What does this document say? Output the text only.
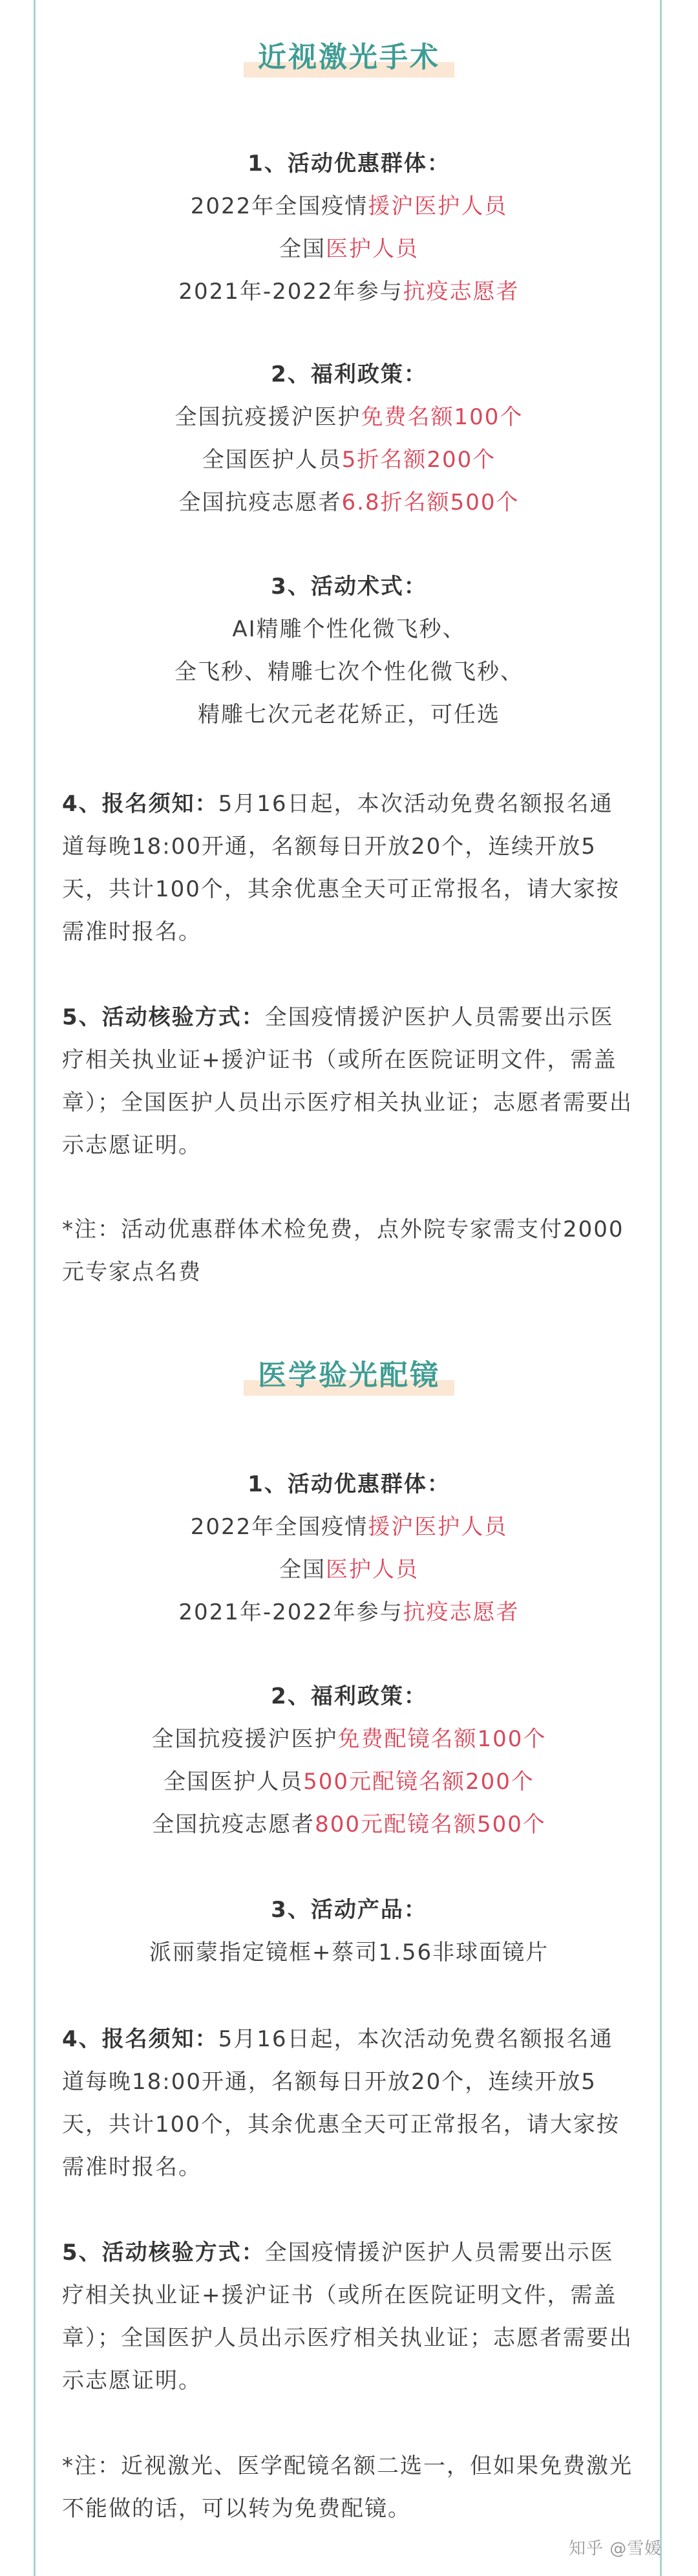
近视激光手术
1、活动优惠群体：
2022年全国疫情援沪医护人员
全国医护人员
2021年-2022年参与抗疫志愿者
2、福利政策：
全国抗疫援沪医护免费名额100个
全国医护人员5折名额200个
全国抗疫志愿者6.8折名额500个
3、活动术式：
AI精雕个性化微飞秒、
全飞秒、精雕七次个性化微飞秒、
精雕七次元老花矫正，可任选
4、报名须知：5月16日起，本次活动免费名额报名通道每晚18:00开通，名额每日开放20个，连续开放5天，共计100个，其余优惠全天可正常报名，请大家按需准时报名。
5、活动核验方式：全国疫情援沪医护人员需要出示医疗相关执业证+援沪证书（或所在医院证明文件，需盖章）；全国医护人员出示医疗相关执业证；志愿者需要出示志愿证明。
*注：活动优惠群体术检免费，点外院专家需支付2000元专家点名费
医学验光配镜
1、活动优惠群体：
2022年全国疫情援沪医护人员
全国医护人员
2021年-2022年参与抗疫志愿者
2、福利政策：
全国抗疫援沪医护免费配镜名额100个
全国医护人员500元配镜名额200个
全国抗疫志愿者800元配镜名额500个
3、活动产品：
派丽蒙指定镜框+蔡司1.56非球面镜片
4、报名须知：5月16日起，本次活动免费名额报名通道每晚18:00开通，名额每日开放20个，连续开放5天，共计100个，其余优惠全天可正常报名，请大家按需准时报名。
5、活动核验方式：全国疫情援沪医护人员需要出示医疗相关执业证+援沪证书（或所在医院证明文件，需盖章）；全国医护人员出示医疗相关执业证；志愿者需要出示志愿证明。
*注：近视激光、医学配镜名额二选一，但如果免费激光不能做的话，可以转为免费配镜。
知乎 @雪媛
